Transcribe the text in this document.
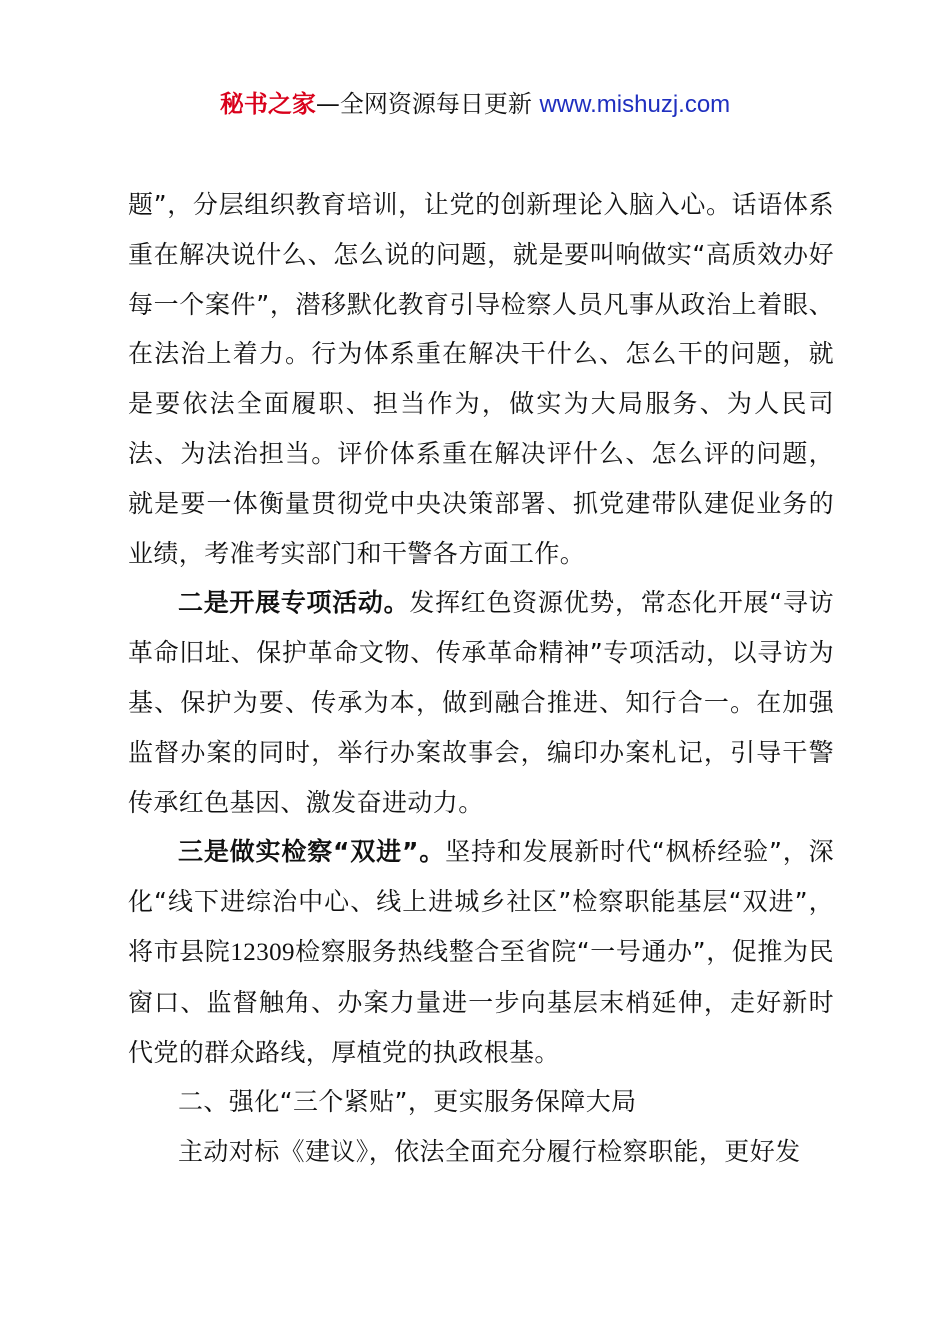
秘书之家—全网资源每日更新 www.mishuzj.com

题”，分层组织教育培训，让党的创新理论入脑入心。话语体系重在解决说什么、怎么说的问题，就是要叫响做实“高质效办好每一个案件”，潜移默化教育引导检察人员凡事从政治上着眼、在法治上着力。行为体系重在解决干什么、怎么干的问题，就是要依法全面履职、担当作为，做实为大局服务、为人民司法、为法治担当。评价体系重在解决评什么、怎么评的问题，就是要一体衡量贯彻党中央决策部署、抓党建带队建促业务的业绩，考准考实部门和干警各方面工作。

二是开展专项活动。发挥红色资源优势，常态化开展“寻访革命旧址、保护革命文物、传承革命精神”专项活动，以寻访为基、保护为要、传承为本，做到融合推进、知行合一。在加强监督办案的同时，举行办案故事会，编印办案札记，引导干警传承红色基因、激发奋进动力。

三是做实检察“双进”。坚持和发展新时代“枫桥经验”，深化“线下进综治中心、线上进城乡社区”检察职能基层“双进”，将市县院12309检察服务热线整合至省院“一号通办”，促推为民窗口、监督触角、办案力量进一步向基层末梢延伸，走好新时代党的群众路线，厚植党的执政根基。

二、强化“三个紧贴”，更实服务保障大局

主动对标《建议》，依法全面充分履行检察职能，更好发
